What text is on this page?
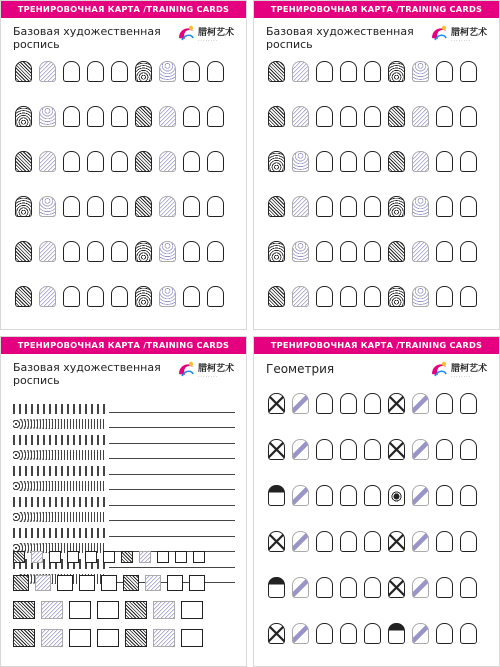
ТРЕНИРОВОЧНАЯ КАРТА /TRAINING CARDS
Базовая художественная роспись
腊柯艺术
· · · · · · · ·
ТРЕНИРОВОЧНАЯ КАРТА /TRAINING CARDS
Базовая художественная роспись
腊柯艺术
· · · · · · · ·
ТРЕНИРОВОЧНАЯ КАРТА /TRAINING CARDS
Базовая художественная роспись
腊柯艺术
· · · · · · · ·
ТРЕНИРОВОЧНАЯ КАРТА /TRAINING CARDS
Геометрия	腊柯艺术
· · · · · · · ·
